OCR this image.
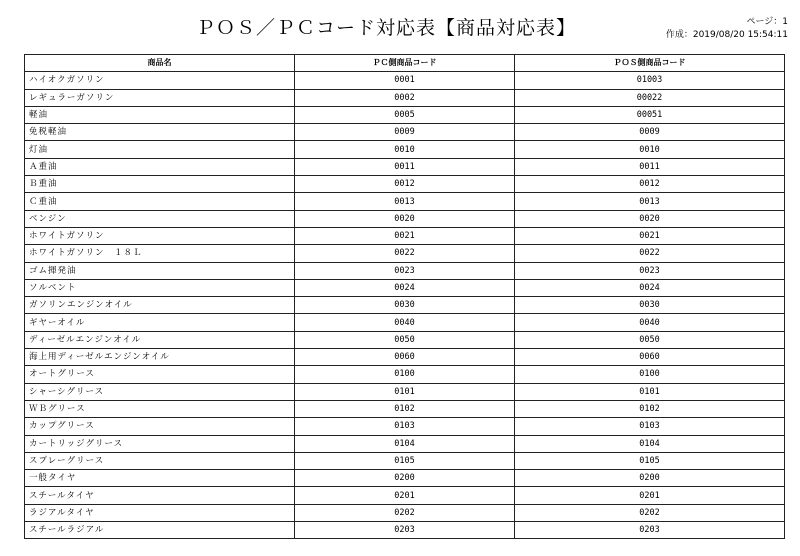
ＰＯＳ／ＰＣコード対応表【商品対応表】	ページ：1
作成：2019/08/20 15:54:11
商品名	ＰＣ側商品コード	ＰＯＳ側商品コード
ハイオクガソリン	0001	01003
レギュラーガソリン	0002	00022
軽油	0005	00051
免税軽油	0009	0009
灯油	0010	0010
Ａ重油	0011	0011
Ｂ重油	0012	0012
Ｃ重油	0013	0013
ベンジン	0020	0020
ホワイトガソリン	0021	0021
ホワイトガソリン　１８Ｌ	0022	0022
ゴム揮発油	0023	0023
ソルベント	0024	0024
ガソリンエンジンオイル	0030	0030
ギヤーオイル	0040	0040
ディーゼルエンジンオイル	0050	0050
海上用ディーゼルエンジンオイル	0060	0060
オートグリース	0100	0100
シャーシグリース	0101	0101
ＷＢグリース	0102	0102
カップグリース	0103	0103
カートリッジグリース	0104	0104
スプレーグリース	0105	0105
一般タイヤ	0200	0200
スチールタイヤ	0201	0201
ラジアルタイヤ	0202	0202
スチールラジアル	0203	0203
